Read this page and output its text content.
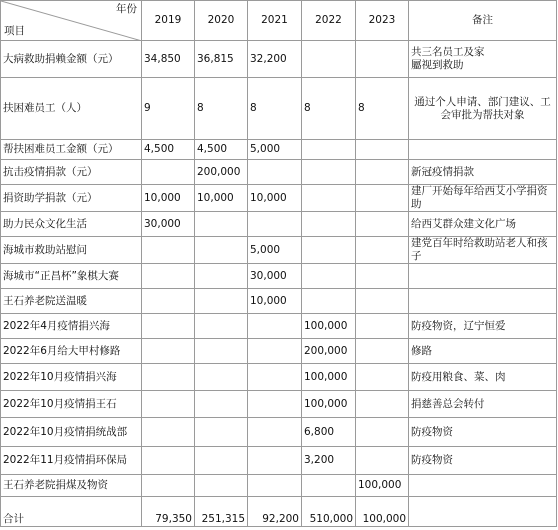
年份
项目	2019	2020	2021	2022	2023	备注
大病救助捐赖金额（元）	34,850	36,815	32,200			共三名员工及家
屬视到救助
扶困难员工（人）	9	8	8	8	8	通过个人申请、部门建议、工会审批为帮扶对象
帮扶困难员工金额（元）	4,500	4,500	5,000			
抗击疫情捐款（元）		200,000				新冠疫情捐款
捐资助学捐款（元）	10,000	10,000	10,000			建厂开始每年给西艾小学捐资助
助力民众文化生活	30,000					给西艾群众建文化广场
海城市救助站慰问			5,000			建党百年时给救助站老人和孩子
海城市“正昌杯”象棋大赛			30,000			
王石养老院送温暖			10,000			
2022年4月疫情捐兴海				100,000		防疫物资，辽宁恒爱
2022年6月给大甲村修路				200,000		修路
2022年10月疫情捐兴海				100,000		防疫用粮食、菜、肉
2022年10月疫情捐王石				100,000		捐慈善总会转付
2022年10月疫情捐统战部				6,800		防疫物资
2022年11月疫情捐环保局				3,200		防疫物资
王石养老院捐煤及物资					100,000	
合计	79,350	251,315	92,200	510,000	100,000	
